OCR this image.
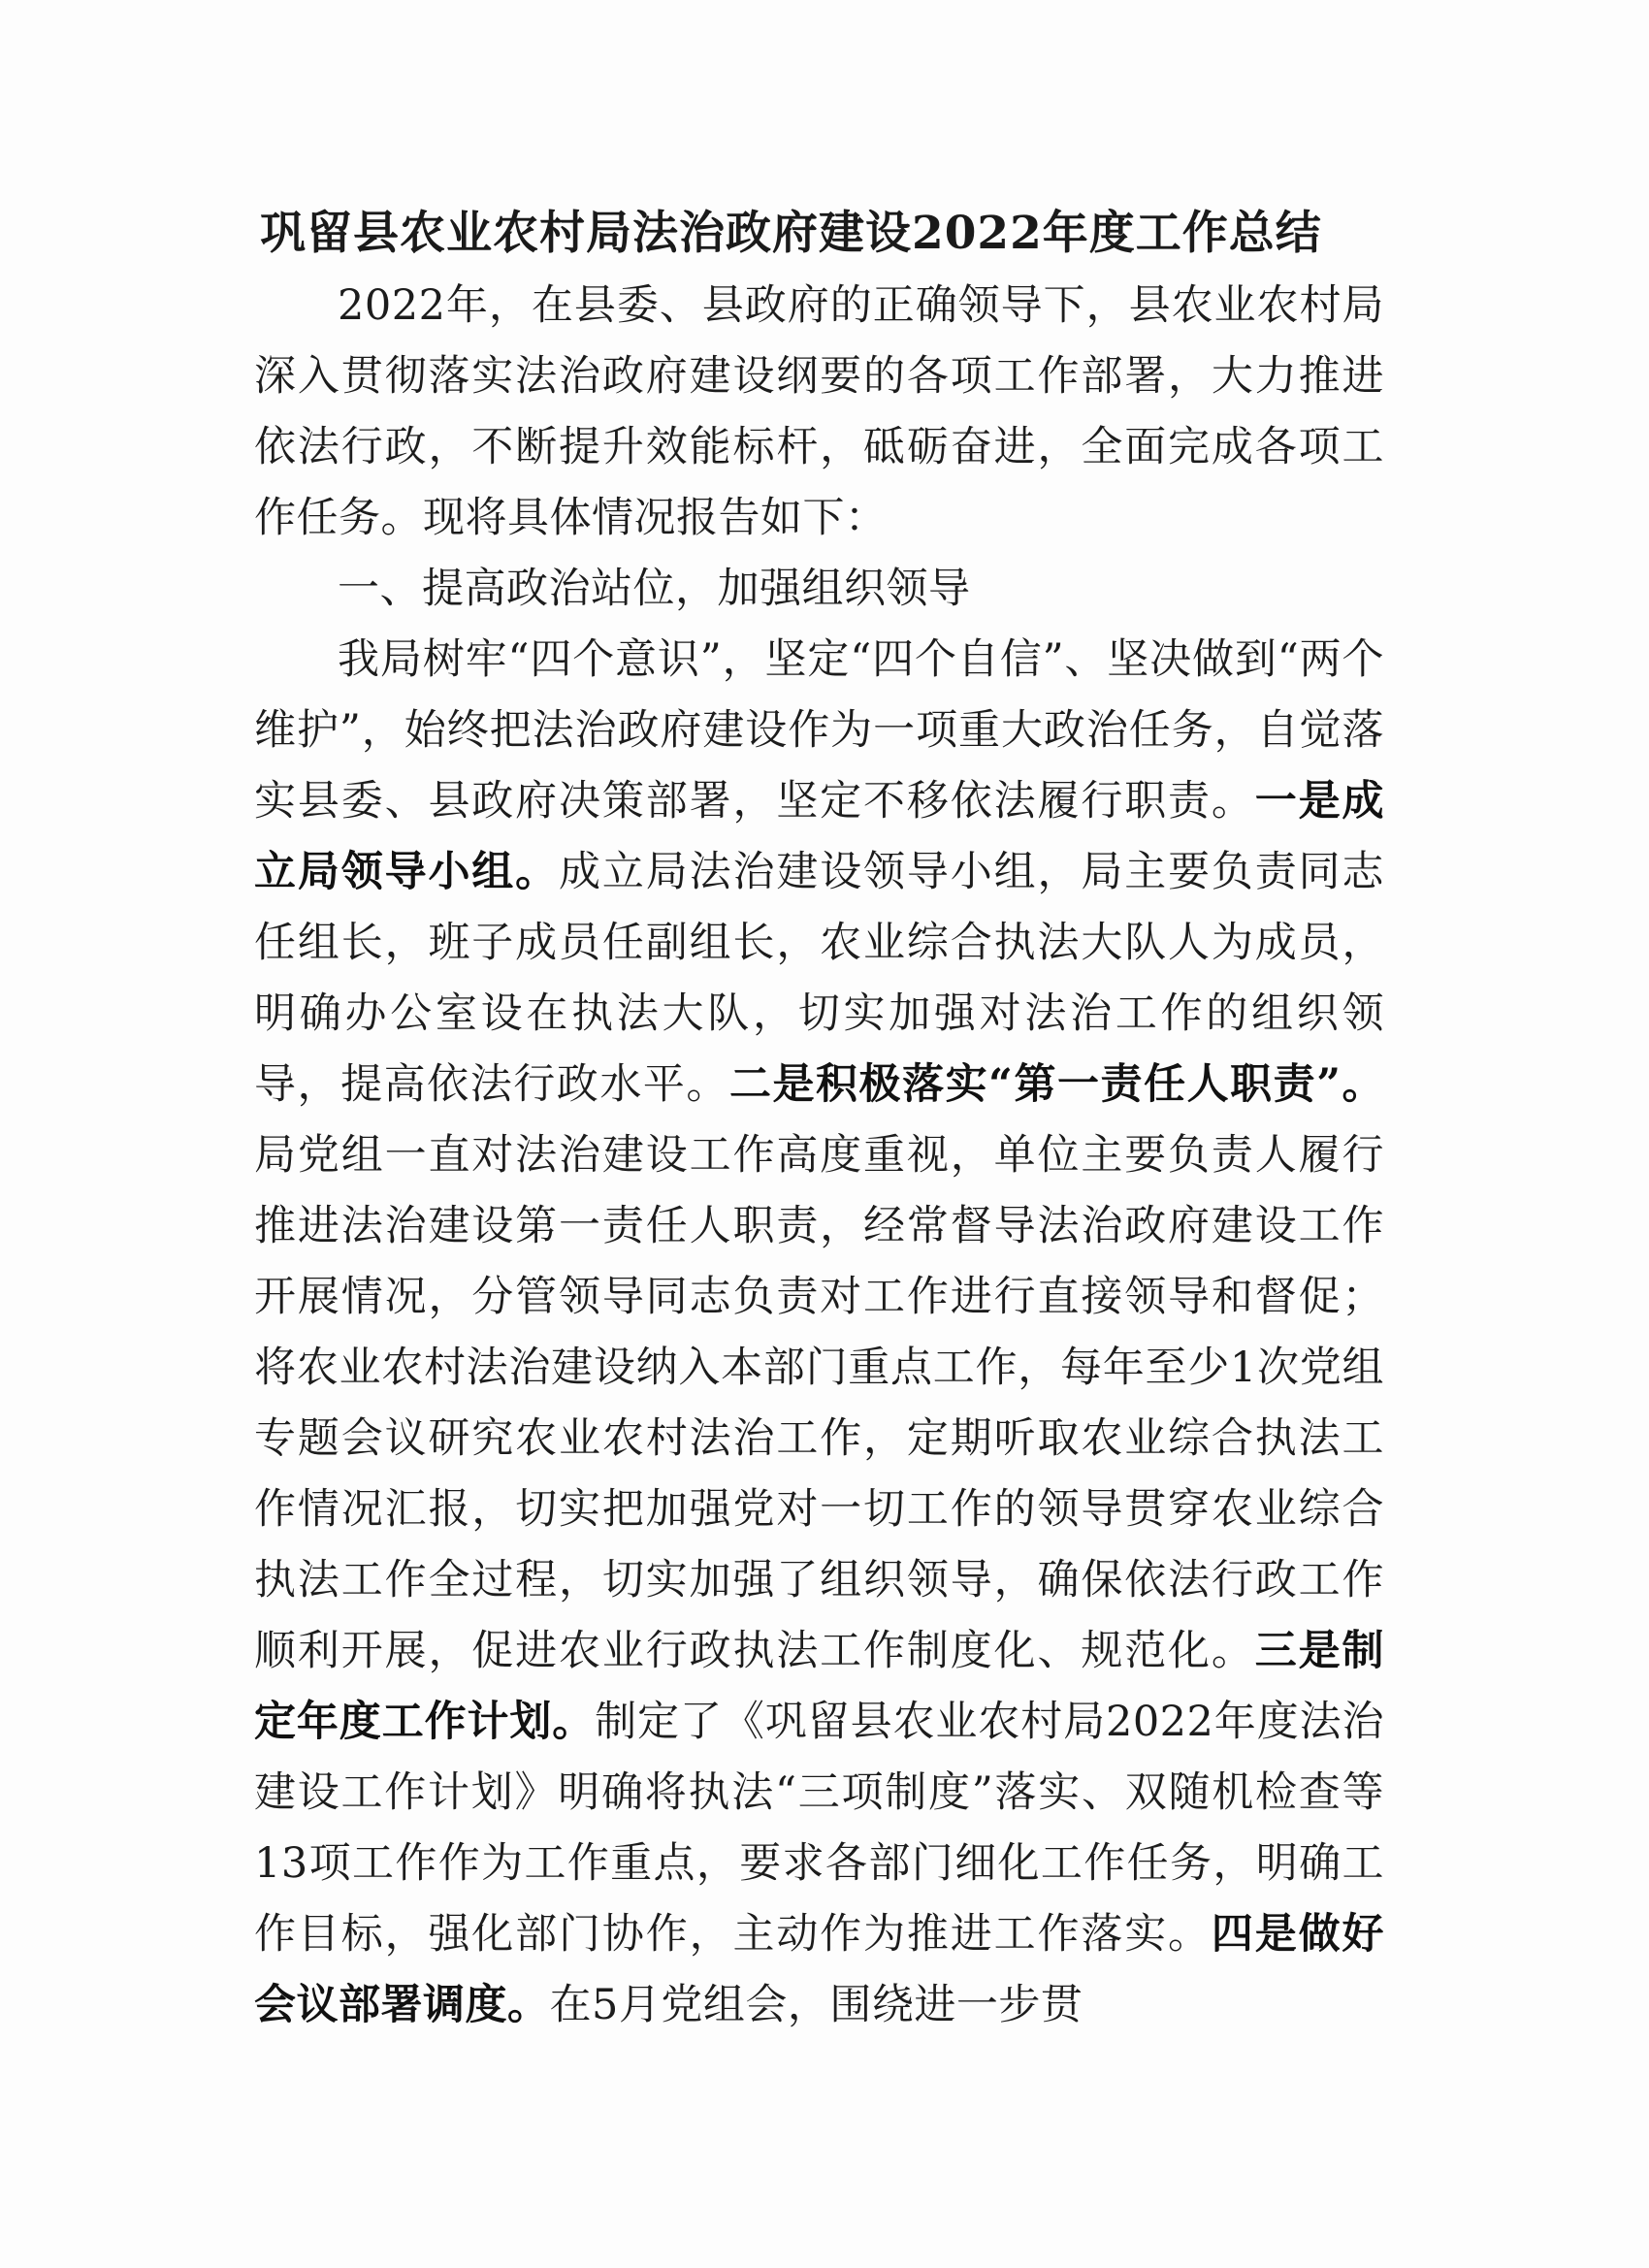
巩留县农业农村局法治政府建设2022年度工作总结

2022年，在县委、县政府的正确领导下，县农业农村局深入贯彻落实法治政府建设纲要的各项工作部署，大力推进依法行政，不断提升效能标杆，砥砺奋进，全面完成各项工作任务。现将具体情况报告如下：

一、提高政治站位，加强组织领导

我局树牢“四个意识”，坚定“四个自信”、坚决做到“两个维护”，始终把法治政府建设作为一项重大政治任务，自觉落实县委、县政府决策部署，坚定不移依法履行职责。一是成立局领导小组。成立局法治建设领导小组，局主要负责同志任组长，班子成员任副组长，农业综合执法大队人为成员，明确办公室设在执法大队，切实加强对法治工作的组织领导，提高依法行政水平。二是积极落实“第一责任人职责”。局党组一直对法治建设工作高度重视，单位主要负责人履行推进法治建设第一责任人职责，经常督导法治政府建设工作开展情况，分管领导同志负责对工作进行直接领导和督促；将农业农村法治建设纳入本部门重点工作，每年至少1次党组专题会议研究农业农村法治工作，定期听取农业综合执法工作情况汇报，切实把加强党对一切工作的领导贯穿农业综合执法工作全过程，切实加强了组织领导，确保依法行政工作顺利开展，促进农业行政执法工作制度化、规范化。三是制定年度工作计划。制定了《巩留县农业农村局2022年度法治建设工作计划》明确将执法“三项制度”落实、双随机检查等13项工作作为工作重点，要求各部门细化工作任务，明确工作目标，强化部门协作，主动作为推进工作落实。四是做好会议部署调度。在5月党组会，围绕进一步贯
